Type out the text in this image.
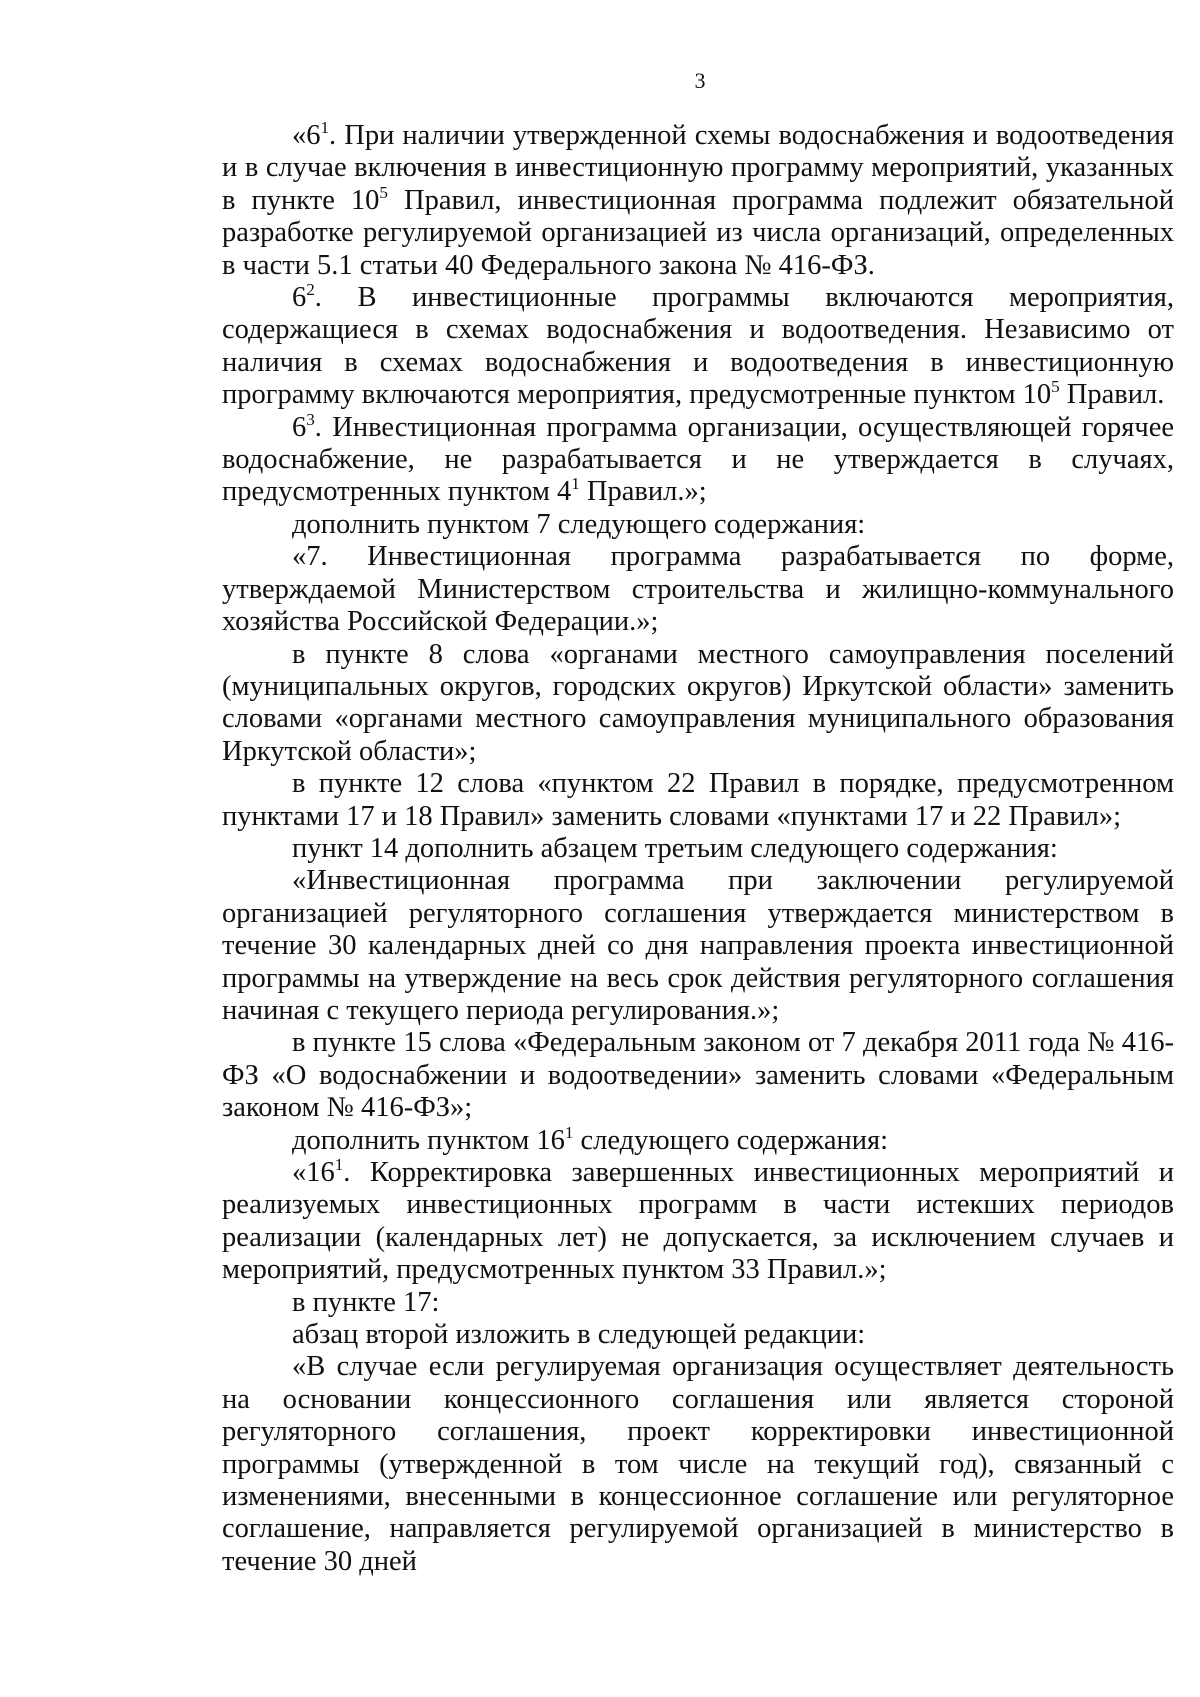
3

«$6^1$. При наличии утвержденной схемы водоснабжения и водоотведения и в случае включения в инвестиционную программу мероприятий, указанных в пункте $10^5$ Правил, инвестиционная программа подлежит обязательной разработке регулируемой организацией из числа организаций, определенных в части 5.1 статьи 40 Федерального закона № 416-ФЗ.

$6^2$. В инвестиционные программы включаются мероприятия, содержащиеся в схемах водоснабжения и водоотведения. Независимо от наличия в схемах водоснабжения и водоотведения в инвестиционную программу включаются мероприятия, предусмотренные пунктом $10^5$ Правил.

$6^3$. Инвестиционная программа организации, осуществляющей горячее водоснабжение, не разрабатывается и не утверждается в случаях, предусмотренных пунктом $4^1$ Правил.»;

дополнить пунктом 7 следующего содержания:

«7. Инвестиционная программа разрабатывается по форме, утверждаемой Министерством строительства и жилищно-коммунального хозяйства Российской Федерации.»;

в пункте 8 слова «органами местного самоуправления поселений (муниципальных округов, городских округов) Иркутской области» заменить словами «органами местного самоуправления муниципального образования Иркутской области»;

в пункте 12 слова «пунктом 22 Правил в порядке, предусмотренном пунктами 17 и 18 Правил» заменить словами «пунктами 17 и 22 Правил»;

пункт 14 дополнить абзацем третьим следующего содержания:

«Инвестиционная программа при заключении регулируемой организацией регуляторного соглашения утверждается министерством в течение 30 календарных дней со дня направления проекта инвестиционной программы на утверждение на весь срок действия регуляторного соглашения начиная с текущего периода регулирования.»;

в пункте 15 слова «Федеральным законом от 7 декабря 2011 года № 416-ФЗ «О водоснабжении и водоотведении» заменить словами «Федеральным законом № 416-ФЗ»;

дополнить пунктом $16^1$ следующего содержания:

«$16^1$. Корректировка завершенных инвестиционных мероприятий и реализуемых инвестиционных программ в части истекших периодов реализации (календарных лет) не допускается, за исключением случаев и мероприятий, предусмотренных пунктом 33 Правил.»;

в пункте 17:

абзац второй изложить в следующей редакции:

«В случае если регулируемая организация осуществляет деятельность на основании концессионного соглашения или является стороной регуляторного соглашения, проект корректировки инвестиционной программы (утвержденной в том числе на текущий год), связанный с изменениями, внесенными в концессионное соглашение или регуляторное соглашение, направляется регулируемой организацией в министерство в течение 30 дней
